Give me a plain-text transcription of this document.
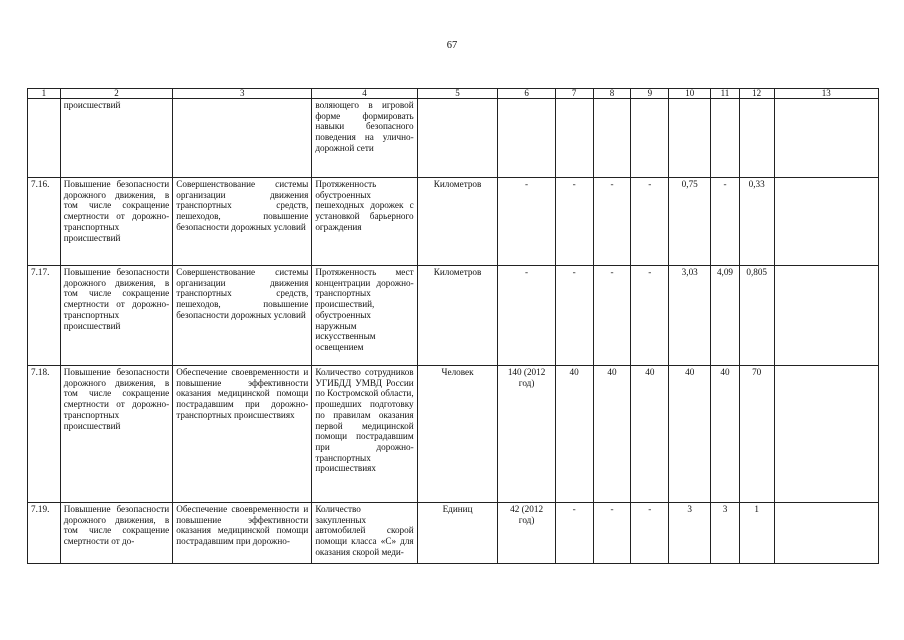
67
1	2	3	4	5	6	7	8	9	10	11	12	13
	происшествий		воляющего в игровой форме формировать навыки безопасного поведения на улично-дорожной сети									
7.16.	Повышение безопасности дорожного движения, в том числе сокращение смертности от дорожно-транспортных происшествий	Совершенствование системы организации движения транспортных средств, пешеходов, повышение безопасности дорожных условий	Протяженность обустроенных пешеходных дорожек с установкой барьерного ограждения	Километров	-	-	-	-	0,75	-	0,33	
7.17.	Повышение безопасности дорожного движения, в том числе сокращение смертности от дорожно-транспортных происшествий	Совершенствование системы организации движения транспортных средств, пешеходов, повышение безопасности дорожных условий	Протяженность мест концентрации дорожно-транспортных происшествий, обустроенных наружным искусственным освещением	Километров	-	-	-	-	3,03	4,09	0,805	
7.18.	Повышение безопасности дорожного движения, в том числе сокращение смертности от дорожно-транспортных происшествий	Обеспечение своевременности и повышение эффективности оказания медицинской помощи пострадавшим при дорожно-транспортных происшествиях	Количество сотрудников УГИБДД УМВД России по Костромской области, прошедших подготовку по правилам оказания первой медицинской помощи пострадавшим при дорожно-транспортных происшествиях	Человек	140 (2012 год)	40	40	40	40	40	70	
7.19.	Повышение безопасности дорожного движения, в том числе сокращение смертности от до-	Обеспечение своевременности и повышение эффективности оказания медицинской помощи пострадавшим при дорожно-	Количество закупленных автомобилей скорой помощи класса «С» для оказания скорой меди-	Единиц	42 (2012 год)	-	-	-	3	3	1	
